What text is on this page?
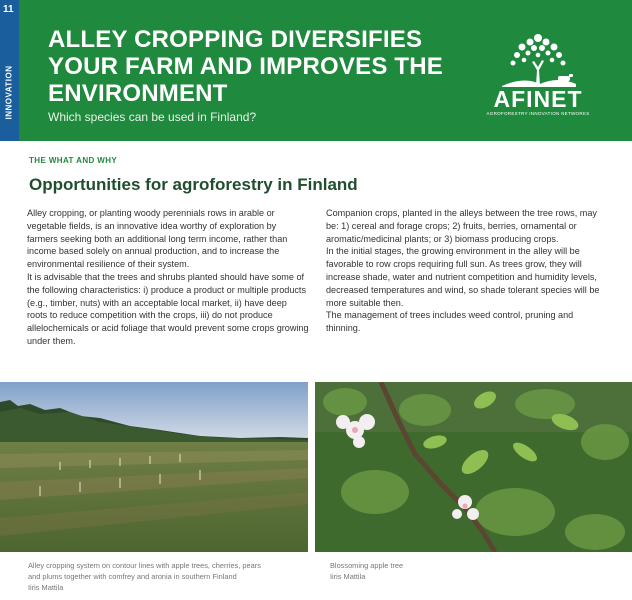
11
INNOVATION
ALLEY CROPPING DIVERSIFIES YOUR FARM AND IMPROVES THE ENVIRONMENT
Which species can be used in Finland?
AFINET
AGROFORESTRY INNOVATION NETWORKS
THE WHAT AND WHY
Opportunities for agroforestry in Finland

Alley cropping, or planting woody perennials rows in arable or vegetable fields, is an innovative idea worthy of exploration by farmers seeking both an additional long term income, rather than income based solely on annual production, and to increase the environmental resilience of their system.

It is advisable that the trees and shrubs planted should have some of the following characteristics: i) produce a product or multiple products (e.g., timber, nuts) with an acceptable local market, ii) have deep roots to reduce competition with the crops, iii) do not produce allelochemicals or acid foliage that would prevent some crops growing under them.

Companion crops, planted in the alleys between the tree rows, may be: 1) cereal and forage crops; 2) fruits, berries, ornamental or aromatic/medicinal plants; or 3) biomass producing crops.

In the initial stages, the growing environment in the alley will be favorable to row crops requiring full sun. As trees grow, they will increase shade, water and nutrient competition and humidity levels, decreased temperatures and wind, so shade tolerant species will be more suitable then.

The management of trees includes weed control, pruning and thinning.

Alley cropping system on contour lines with apple trees, cherries, pears
and plums together with comfrey and aronia in southern Finland
Iiris Mattila
Blossoming apple tree
Iiris Mattila
